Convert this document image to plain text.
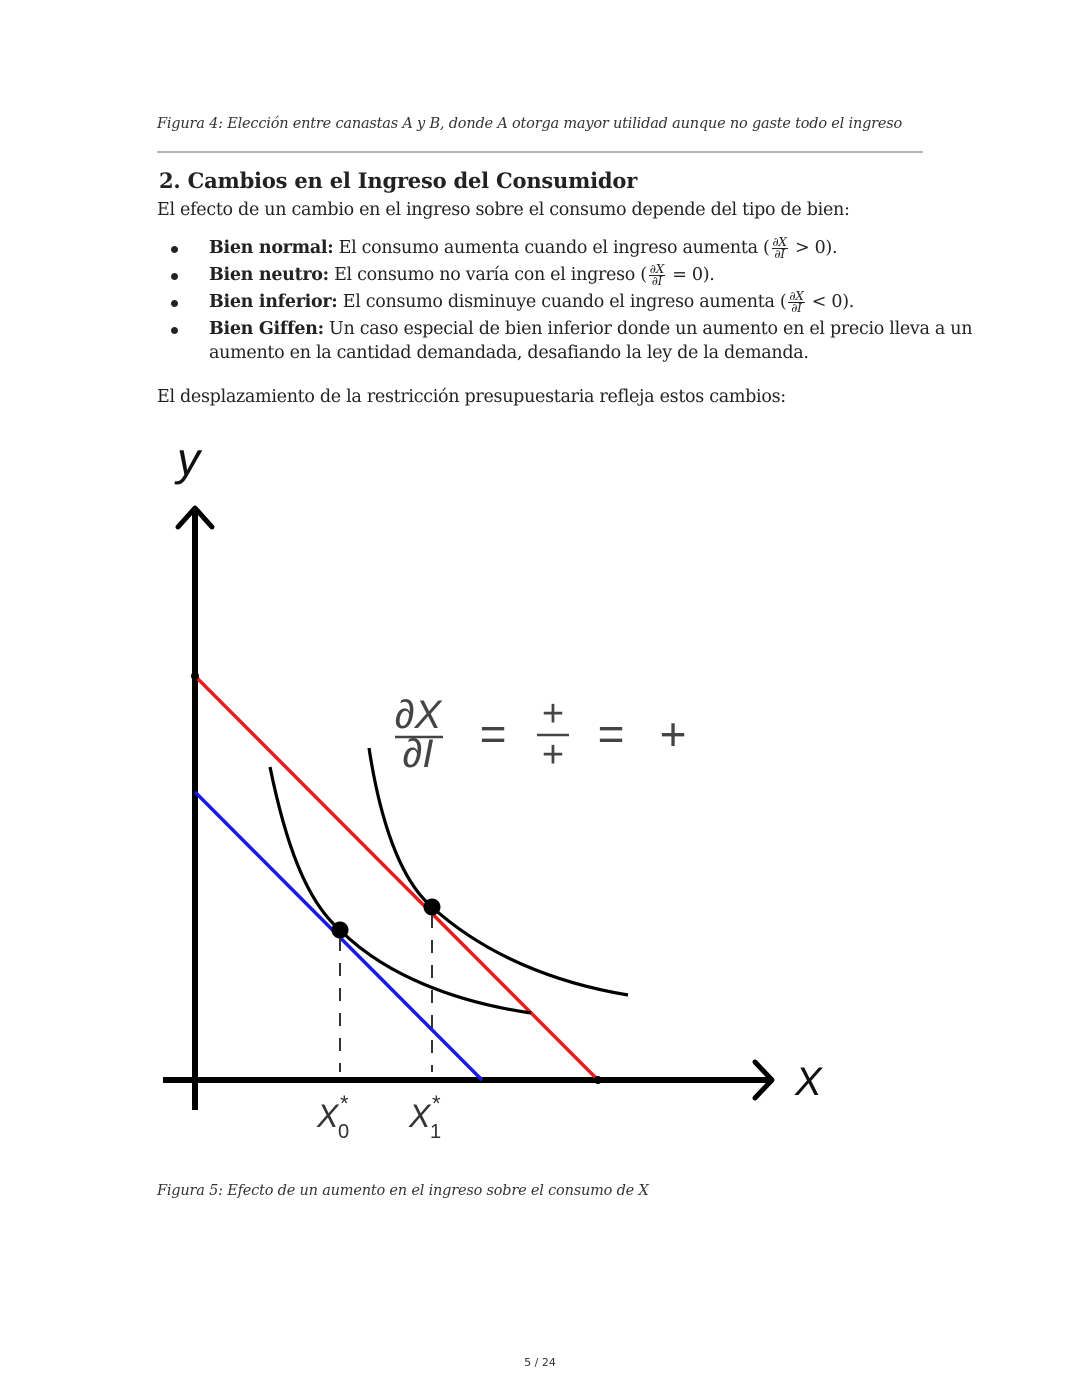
Figura 4: Elección entre canastas A y B, donde A otorga mayor utilidad aunque no gaste todo el ingreso
2. Cambios en el Ingreso del Consumidor

El efecto de un cambio en el ingreso sobre el consumo depende del tipo de bien:

Bien normal: El consumo aumenta cuando el ingreso aumenta ( $\frac{\partial X}{\partial I} > 0$).
Bien neutro: El consumo no varía con el ingreso ( $\frac{\partial X}{\partial I} = 0$).
Bien inferior: El consumo disminuye cuando el ingreso aumenta ( $\frac{\partial X}{\partial I} < 0$).
Bien Giffen: Un caso especial de bien inferior donde un aumento en el precio lleva a un aumento en la cantidad demandada, desafiando la ley de la demanda.

El desplazamiento de la restricción presupuestaria refleja estos cambios:

y
X
∂X
∂I = +
+ = +
X 0
* X 1
*
Figura 5: Efecto de un aumento en el ingreso sobre el consumo de X
5 / 24
